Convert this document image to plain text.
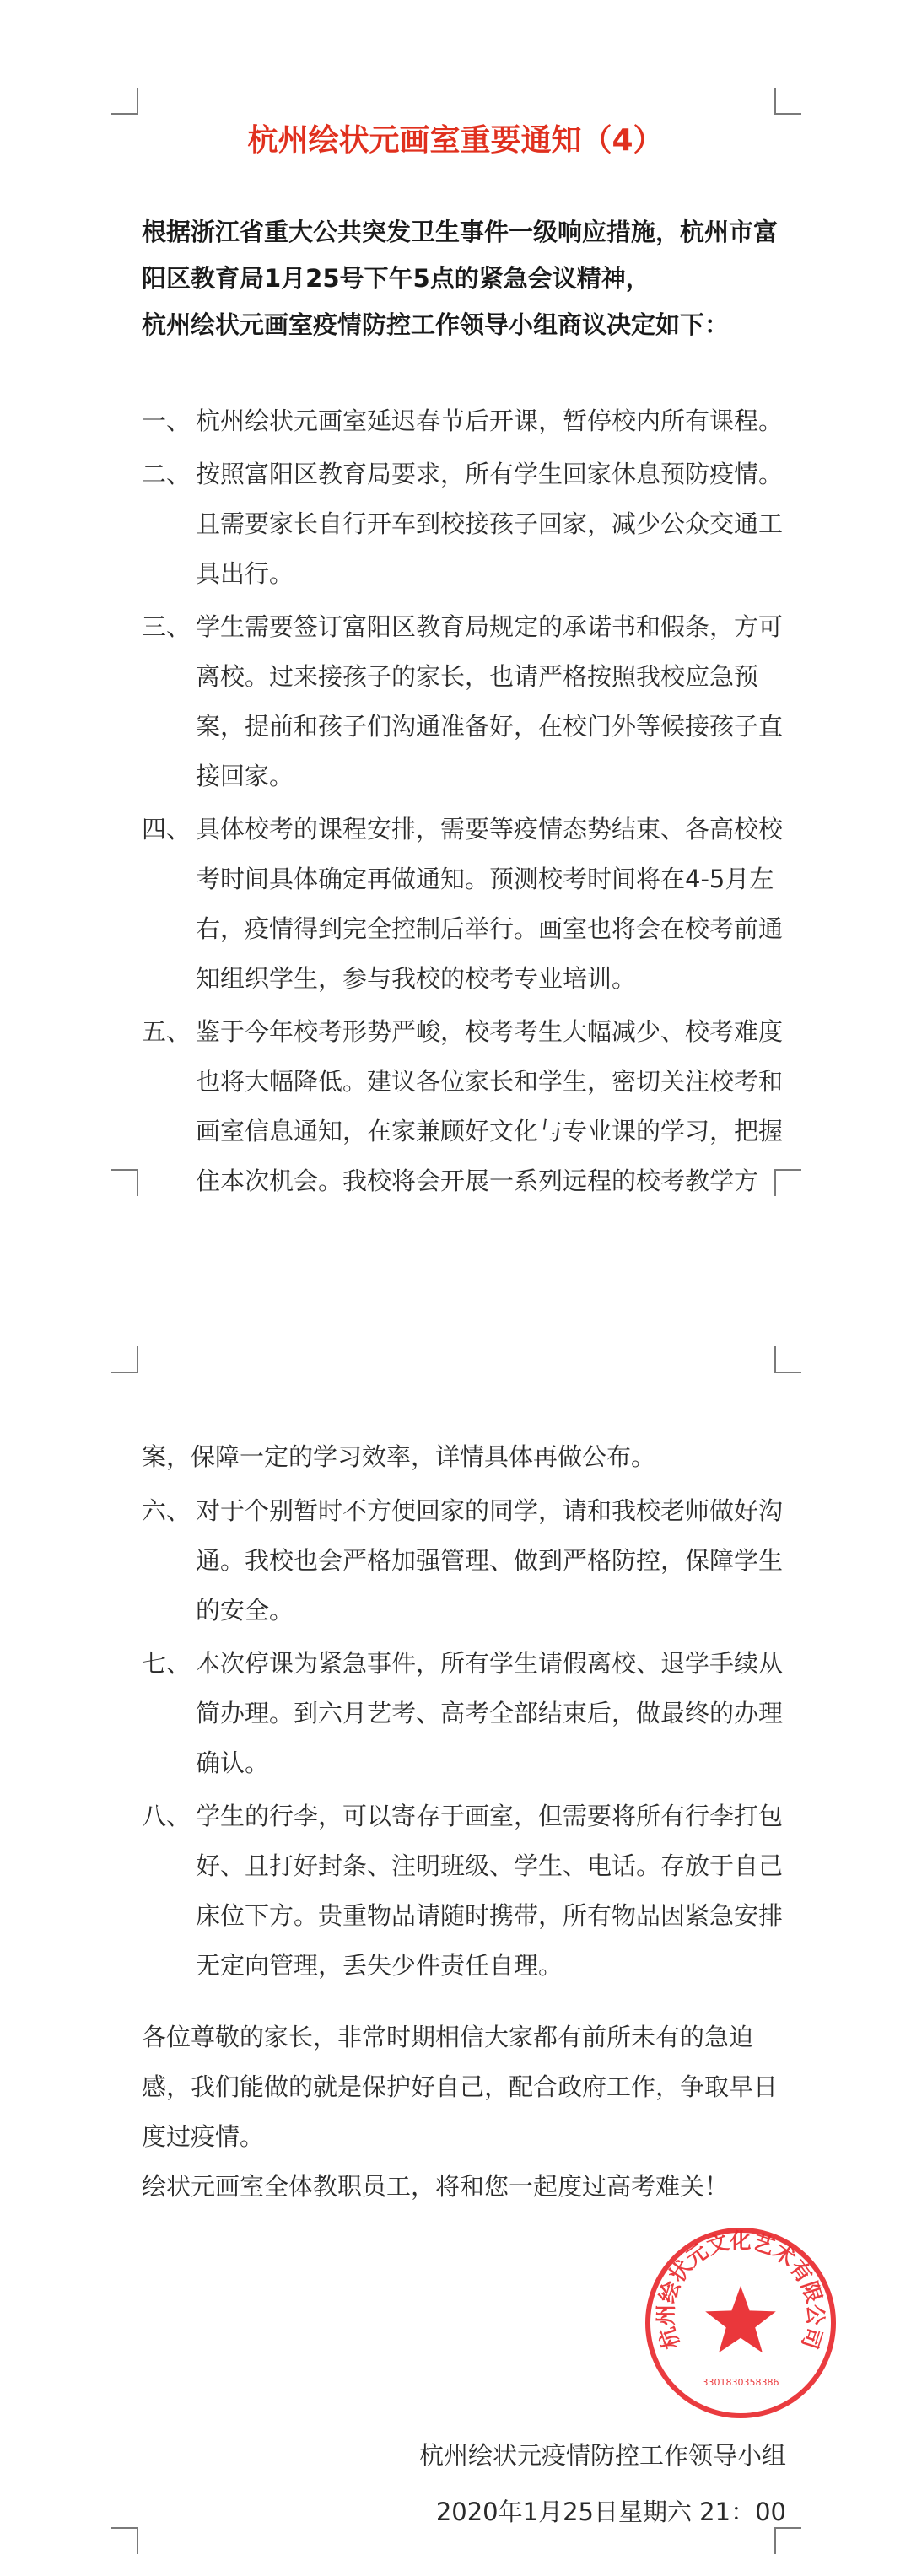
杭州绘状元画室重要通知（4）

根据浙江省重大公共突发卫生事件一级响应措施，杭州市富

阳区教育局1月25号下午5点的紧急会议精神，

杭州绘状元画室疫情防控工作领导小组商议决定如下：

一、 杭州绘状元画室延迟春节后开课，暂停校内所有课程。
二、 按照富阳区教育局要求，所有学生回家休息预防疫情。且需要家长自行开车到校接孩子回家，减少公众交通工具出行。
三、 学生需要签订富阳区教育局规定的承诺书和假条，方可离校。过来接孩子的家长，也请严格按照我校应急预案，提前和孩子们沟通准备好，在校门外等候接孩子直接回家。
四、 具体校考的课程安排，需要等疫情态势结束、各高校校考时间具体确定再做通知。预测校考时间将在4-5月左右，疫情得到完全控制后举行。画室也将会在校考前通知组织学生，参与我校的校考专业培训。
五、 鉴于今年校考形势严峻，校考考生大幅减少、校考难度也将大幅降低。建议各位家长和学生，密切关注校考和画室信息通知，在家兼顾好文化与专业课的学习，把握住本次机会。我校将会开展一系列远程的校考教学方

案，保障一定的学习效率，详情具体再做公布。

六、 对于个别暂时不方便回家的同学，请和我校老师做好沟通。我校也会严格加强管理、做到严格防控，保障学生的安全。
七、 本次停课为紧急事件，所有学生请假离校、退学手续从简办理。到六月艺考、高考全部结束后，做最终的办理确认。
八、 学生的行李，可以寄存于画室，但需要将所有行李打包好、且打好封条、注明班级、学生、电话。存放于自己床位下方。贵重物品请随时携带，所有物品因紧急安排无定向管理，丢失少件责任自理。

各位尊敬的家长，非常时期相信大家都有前所未有的急迫感，我们能做的就是保护好自己，配合政府工作，争取早日度过疫情。

绘状元画室全体教职员工，将和您一起度过高考难关！

杭州绘状元文化艺术有限公司
3301830358386

杭州绘状元疫情防控工作领导小组

2020年1月25日星期六 21：00
